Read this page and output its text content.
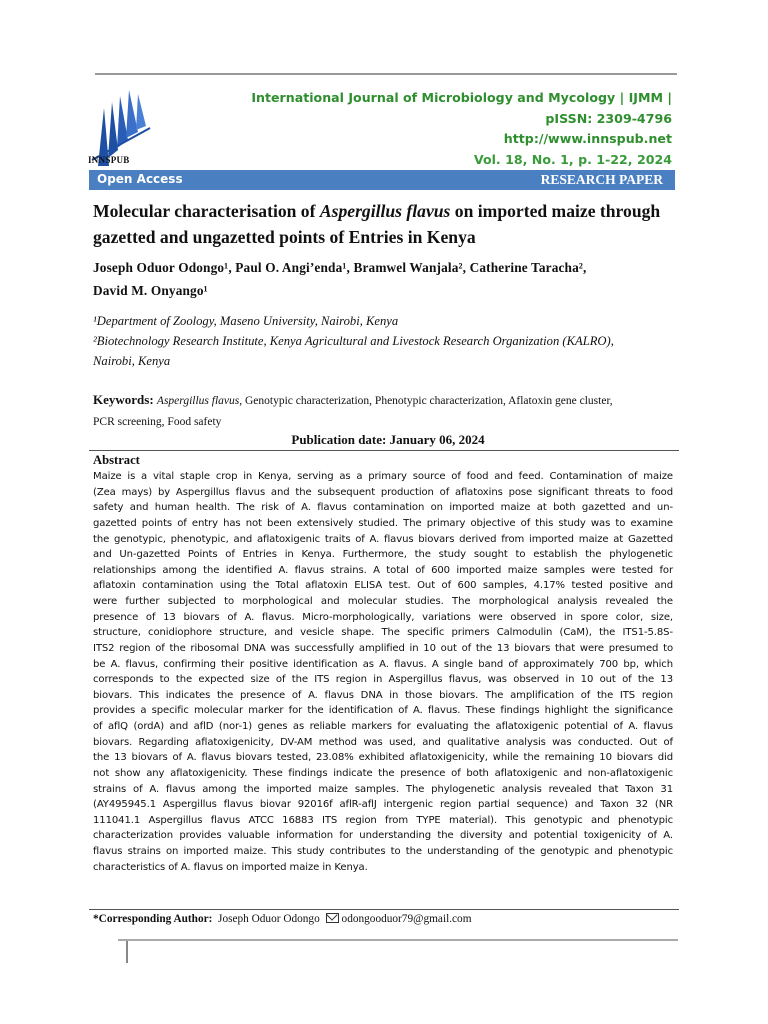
INNSPUB
International Journal of Microbiology and Mycology | IJMM |
pISSN: 2309-4796
http://www.innspub.net
Vol. 18, No. 1, p. 1-22, 2024
Open Access	RESEARCH PAPER
Molecular characterisation of Aspergillus flavus on imported maize through gazetted and ungazetted points of Entries in Kenya
Joseph Oduor Odongo¹, Paul O. Angi’enda¹, Bramwel Wanjala², Catherine Taracha²,
David M. Onyango¹
¹Department of Zoology, Maseno University, Nairobi, Kenya
²Biotechnology Research Institute, Kenya Agricultural and Livestock Research Organization (KALRO),
Nairobi, Kenya
Keywords: Aspergillus flavus, Genotypic characterization, Phenotypic characterization, Aflatoxin gene cluster,
PCR screening, Food safety
Publication date: January 06, 2024
Abstract
Maize is a vital staple crop in Kenya, serving as a primary source of food and feed. Contamination of maize
(Zea mays) by Aspergillus flavus and the subsequent production of aflatoxins pose significant threats to food
safety and human health. The risk of A. flavus contamination on imported maize at both gazetted and un-
gazetted points of entry has not been extensively studied. The primary objective of this study was to examine
the genotypic, phenotypic, and aflatoxigenic traits of A. flavus biovars derived from imported maize at Gazetted
and Un-gazetted Points of Entries in Kenya. Furthermore, the study sought to establish the phylogenetic
relationships among the identified A. flavus strains. A total of 600 imported maize samples were tested for
aflatoxin contamination using the Total aflatoxin ELISA test. Out of 600 samples, 4.17% tested positive and
were further subjected to morphological and molecular studies. The morphological analysis revealed the
presence of 13 biovars of A. flavus. Micro-morphologically, variations were observed in spore color, size,
structure, conidiophore structure, and vesicle shape. The specific primers Calmodulin (CaM), the ITS1-5.8S-
ITS2 region of the ribosomal DNA was successfully amplified in 10 out of the 13 biovars that were presumed to
be A. flavus, confirming their positive identification as A. flavus. A single band of approximately 700 bp, which
corresponds to the expected size of the ITS region in Aspergillus flavus, was observed in 10 out of the 13
biovars. This indicates the presence of A. flavus DNA in those biovars. The amplification of the ITS region
provides a specific molecular marker for the identification of A. flavus. These findings highlight the significance
of aflQ (ordA) and aflD (nor-1) genes as reliable markers for evaluating the aflatoxigenic potential of A. flavus
biovars. Regarding aflatoxigenicity, DV-AM method was used, and qualitative analysis was conducted. Out of
the 13 biovars of A. flavus biovars tested, 23.08% exhibited aflatoxigenicity, while the remaining 10 biovars did
not show any aflatoxigenicity. These findings indicate the presence of both aflatoxigenic and non-aflatoxigenic
strains of A. flavus among the imported maize samples. The phylogenetic analysis revealed that Taxon 31
(AY495945.1 Aspergillus flavus biovar 92016f aflR-aflJ intergenic region partial sequence) and Taxon 32 (NR
111041.1 Aspergillus flavus ATCC 16883 ITS region from TYPE material). This genotypic and phenotypic
characterization provides valuable information for understanding the diversity and potential toxigenicity of A.
flavus strains on imported maize. This study contributes to the understanding of the genotypic and phenotypic
characteristics of A. flavus on imported maize in Kenya.
*Corresponding Author: Joseph Oduor Odongo odongooduor79@gmail.com
